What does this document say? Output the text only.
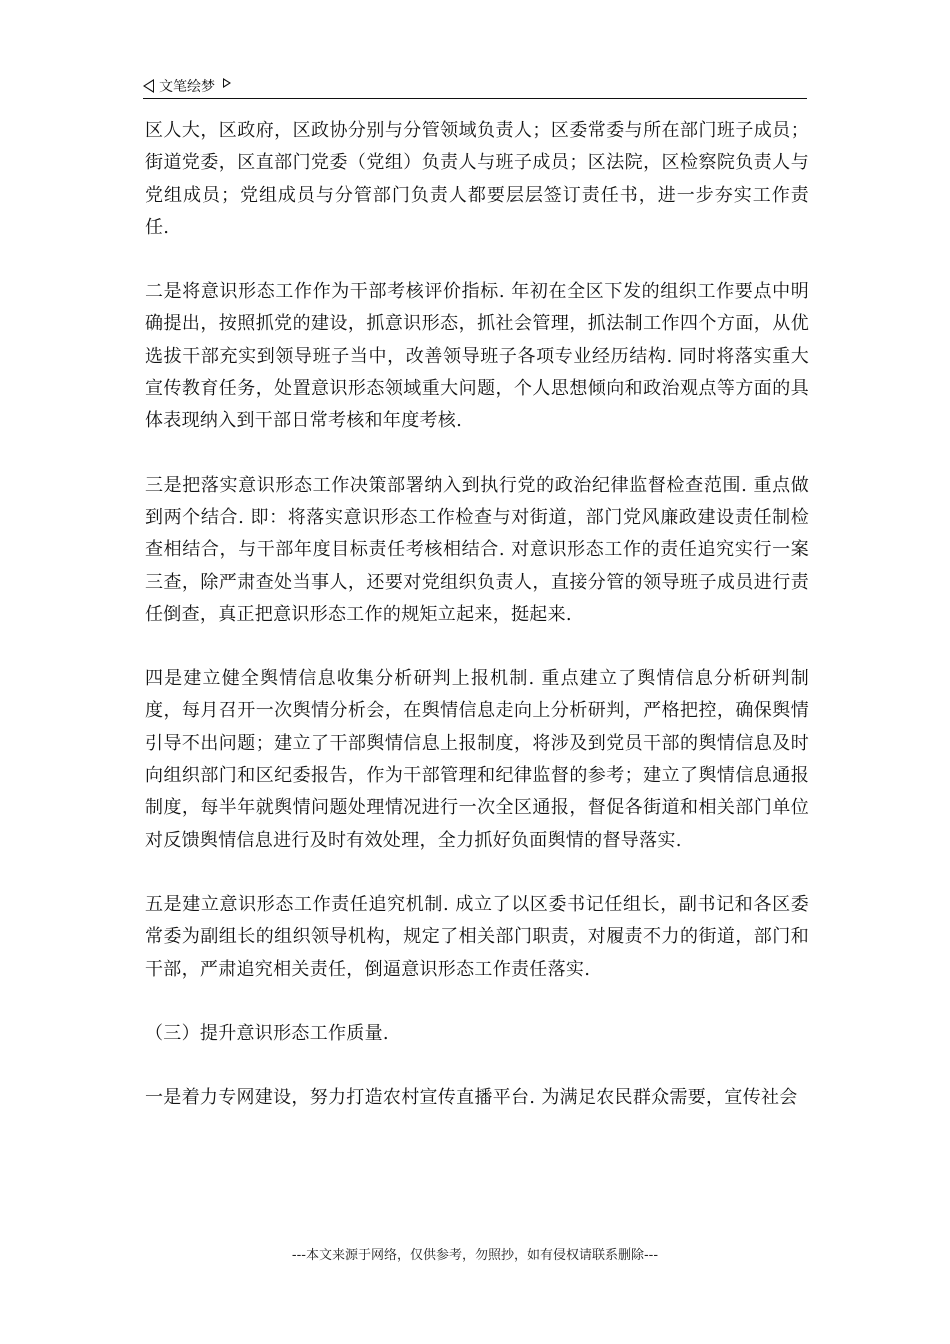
文笔绘梦

区人大，区政府，区政协分别与分管领域负责人；区委常委与所在部门班子成员；街道党委，区直部门党委（党组）负责人与班子成员；区法院，区检察院负责人与党组成员；党组成员与分管部门负责人都要层层签订责任书，进一步夯实工作责任.

二是将意识形态工作作为干部考核评价指标. 年初在全区下发的组织工作要点中明确提出，按照抓党的建设，抓意识形态，抓社会管理，抓法制工作四个方面，从优选拔干部充实到领导班子当中，改善领导班子各项专业经历结构. 同时将落实重大宣传教育任务，处置意识形态领域重大问题，个人思想倾向和政治观点等方面的具体表现纳入到干部日常考核和年度考核.

三是把落实意识形态工作决策部署纳入到执行党的政治纪律监督检查范围. 重点做到两个结合. 即：将落实意识形态工作检查与对街道，部门党风廉政建设责任制检查相结合，与干部年度目标责任考核相结合. 对意识形态工作的责任追究实行一案三查，除严肃查处当事人，还要对党组织负责人，直接分管的领导班子成员进行责任倒查，真正把意识形态工作的规矩立起来，挺起来.

四是建立健全舆情信息收集分析研判上报机制. 重点建立了舆情信息分析研判制度，每月召开一次舆情分析会，在舆情信息走向上分析研判，严格把控，确保舆情引导不出问题；建立了干部舆情信息上报制度，将涉及到党员干部的舆情信息及时向组织部门和区纪委报告，作为干部管理和纪律监督的参考；建立了舆情信息通报制度，每半年就舆情问题处理情况进行一次全区通报，督促各街道和相关部门单位对反馈舆情信息进行及时有效处理，全力抓好负面舆情的督导落实.

五是建立意识形态工作责任追究机制. 成立了以区委书记任组长，副书记和各区委常委为副组长的组织领导机构，规定了相关部门职责，对履责不力的街道，部门和干部，严肃追究相关责任，倒逼意识形态工作责任落实.

（三）提升意识形态工作质量.

一是着力专网建设，努力打造农村宣传直播平台. 为满足农民群众需要，宣传社会

---本文来源于网络，仅供参考，勿照抄，如有侵权请联系删除---
